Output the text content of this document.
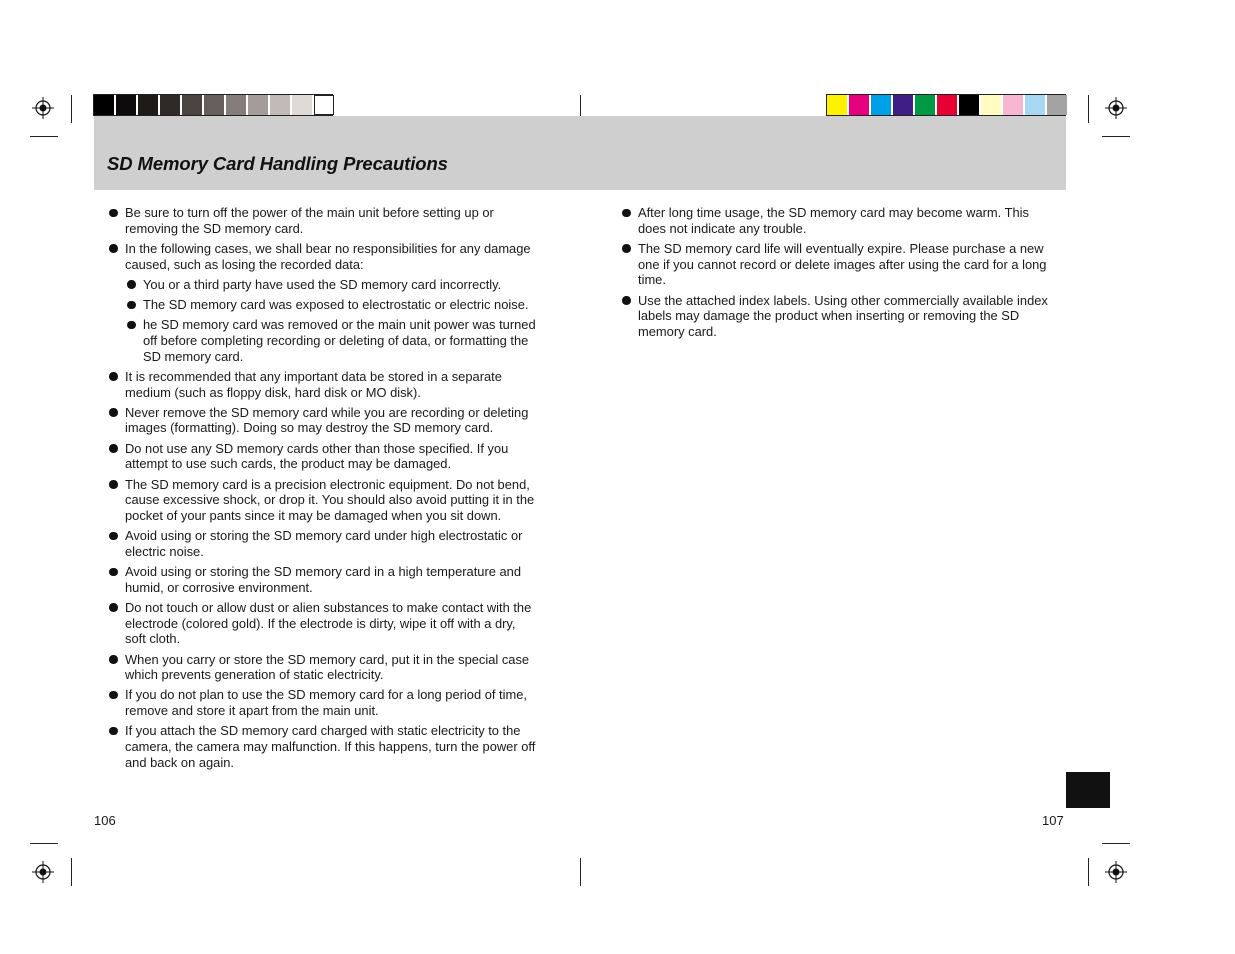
SD Memory Card Handling Precautions
Be sure to turn off the power of the main unit before setting up or removing the SD memory card.
In the following cases, we shall bear no responsibilities for any damage caused, such as losing the recorded data:
You or a third party have used the SD memory card incorrectly.
The SD memory card was exposed to electrostatic or electric noise.
he SD memory card was removed or the main unit power was turned off before completing recording or deleting of data, or formatting the SD memory card.
It is recommended that any important data be stored in a separate medium (such as floppy disk, hard disk or MO disk).
Never remove the SD memory card while you are recording or deleting images (formatting). Doing so may destroy the SD memory card.
Do not use any SD memory cards other than those specified. If you attempt to use such cards, the product may be damaged.
The SD memory card is a precision electronic equipment. Do not bend, cause excessive shock, or drop it. You should also avoid putting it in the pocket of your pants since it may be damaged when you sit down.
Avoid using or storing the SD memory card under high electrostatic or electric noise.
Avoid using or storing the SD memory card in a high temperature and humid, or corrosive environment.
Do not touch or allow dust or alien substances to make contact with the electrode (colored gold). If the electrode is dirty, wipe it off with a dry, soft cloth.
When you carry or store the SD memory card, put it in the special case which prevents generation of static electricity.
If you do not plan to use the SD memory card for a long period of time, remove and store it apart from the main unit.
If you attach the SD memory card charged with static electricity to the camera, the camera may malfunction. If this happens, turn the power off and back on again.
After long time usage, the SD memory card may become warm. This does not indicate any trouble.
The SD memory card life will eventually expire. Please purchase a new one if you cannot record or delete images after using the card for a long time.
Use the attached index labels. Using other commercially available index labels may damage the product when inserting or removing the SD memory card.
106	107
